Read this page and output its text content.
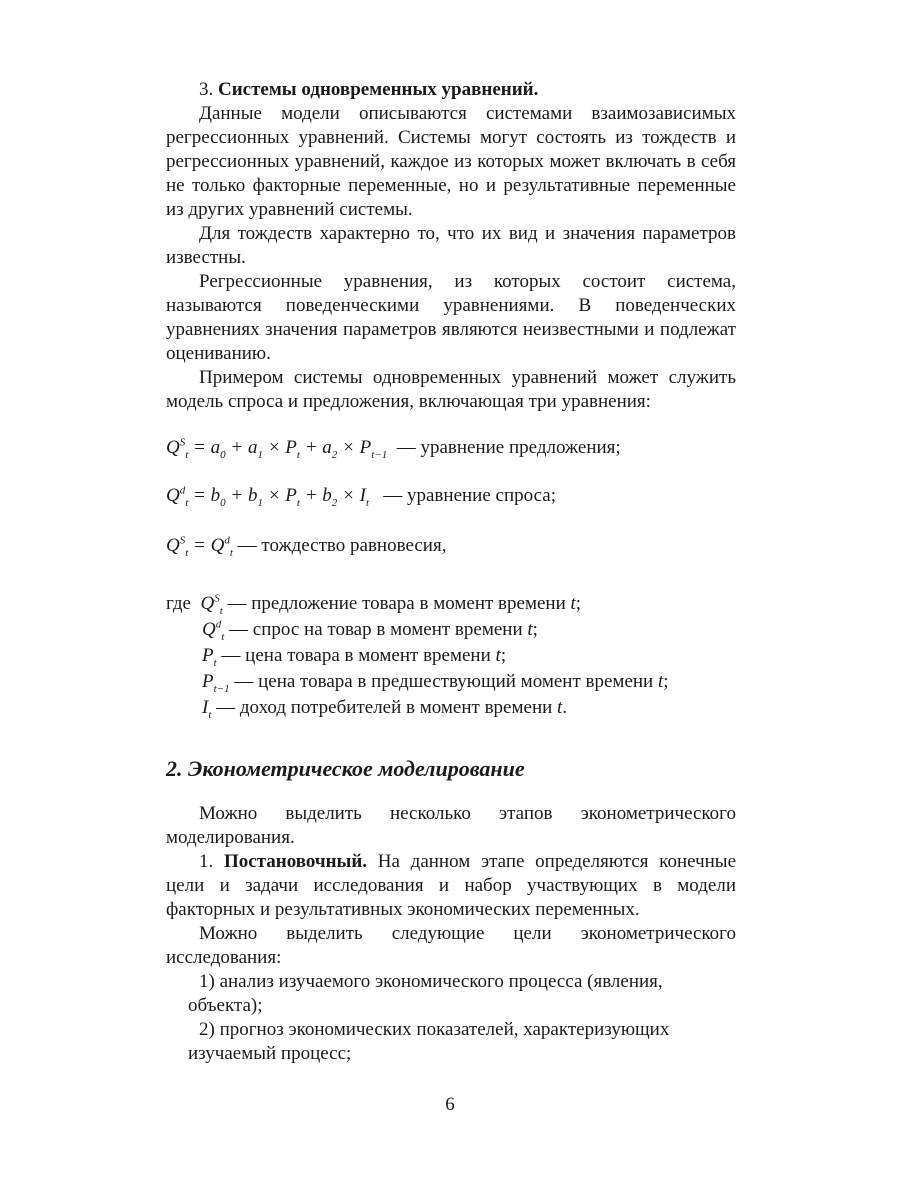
3. Системы одновременных уравнений.

Данные модели описываются системами взаимозависимых регрессионных уравнений. Системы могут состоять из тождеств и регрессионных уравнений, каждое из которых может включать в себя не только факторные переменные, но и результативные переменные из других уравнений системы.

Для тождеств характерно то, что их вид и значения параметров известны.

Регрессионные уравнения, из которых состоит система, называются поведенческими уравнениями. В поведенческих уравнениях значения параметров являются неизвестными и подлежат оцениванию.

Примером системы одновременных уравнений может служить модель спроса и предложения, включающая три уравнения:

$Q^S_t = a_0 + a_1 \times P_t + a_2 \times P_{t-1}$ — уравнение предложения;
$Q^d_t = b_0 + b_1 \times P_t + b_2 \times I_t$ — уравнение спроса;
$Q^S_t = Q^d_t$ — тождество равновесия,
где $Q^S_t$ — предложение товара в момент времени t;
$Q^d_t$ — спрос на товар в момент времени t;
$P_t$ — цена товара в момент времени t;
$P_{t-1}$ — цена товара в предшествующий момент времени t;
$I_t$ — доход потребителей в момент времени t.
2. Эконометрическое моделирование

Можно выделить несколько этапов эконометрического моделирования.

1. Постановочный. На данном этапе определяются конечные цели и задачи исследования и набор участвующих в модели факторных и результативных экономических переменных.

Можно выделить следующие цели эконометрического исследования:

1) анализ изучаемого экономического процесса (явления,
объекта);

2) прогноз экономических показателей, характеризующих
изучаемый процесс;

6
